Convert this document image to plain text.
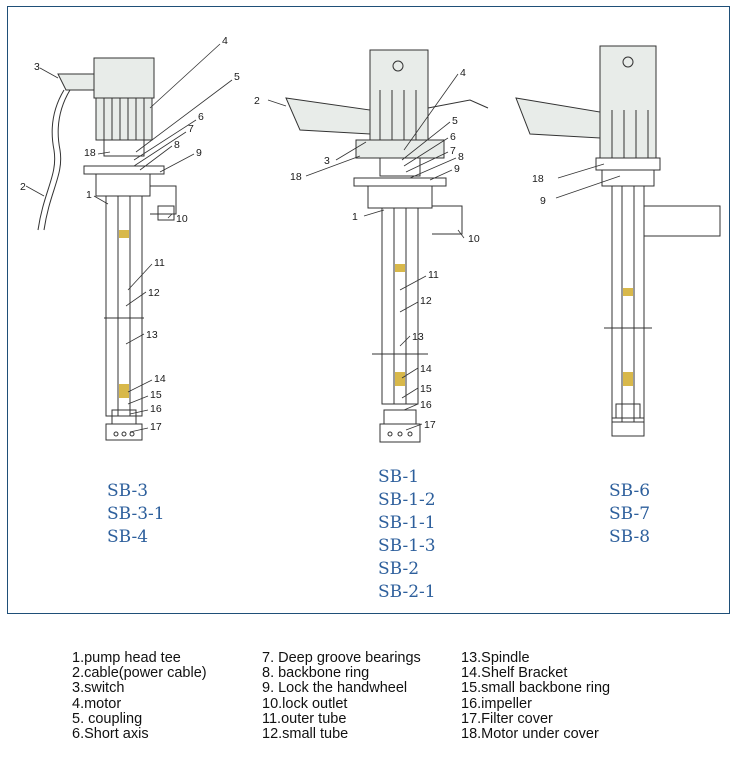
4
5
6
7
8
9
3
2
18
1
10
11
12
13
14
15
16
17
4
2
5
6
7 8
9
3
18
1
10
11
12
13
14
15
16
17
18
9

SB-3

SB-3-1

SB-4

SB-1

SB-1-2

SB-1-1

SB-1-3

SB-2

SB-2-1

SB-6

SB-7

SB-8

1.pump head tee
2.cable(power cable)
3.switch
4.motor
5. coupling
6.Short axis
7. Deep groove bearings
8. backbone ring
9. Lock the handwheel
10.lock outlet
11.outer tube
12.small tube
13.Spindle
14.Shelf Bracket
15.small backbone ring
16.impeller
17.Filter cover
18.Motor under cover
